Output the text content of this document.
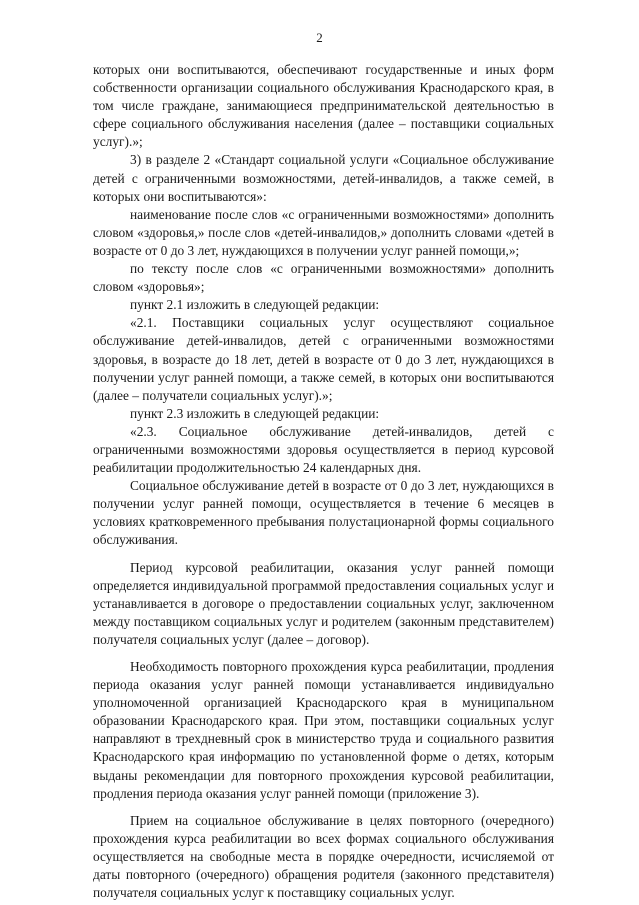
2

которых они воспитываются, обеспечивают государственные и иных форм собственности организации социального обслуживания Краснодарского края, в том числе граждане, занимающиеся предпринимательской деятельностью в сфере социального обслуживания населения (далее – поставщики социальных услуг).»;

3) в разделе 2 «Стандарт социальной услуги «Социальное обслуживание детей с ограниченными возможностями, детей-инвалидов, а также семей, в которых они воспитываются»:

наименование после слов «с ограниченными возможностями» дополнить словом «здоровья,» после слов «детей-инвалидов,» дополнить словами «детей в возрасте от 0 до 3 лет, нуждающихся в получении услуг ранней помощи,»;

по тексту после слов «с ограниченными возможностями» дополнить словом «здоровья»;

пункт 2.1 изложить в следующей редакции:

«2.1. Поставщики социальных услуг осуществляют социальное обслуживание детей-инвалидов, детей с ограниченными возможностями здоровья, в возрасте до 18 лет, детей в возрасте от 0 до 3 лет, нуждающихся в получении услуг ранней помощи, а также семей, в которых они воспитываются (далее – получатели социальных услуг).»;

пункт 2.3 изложить в следующей редакции:

«2.3. Социальное обслуживание детей-инвалидов, детей с ограниченными возможностями здоровья осуществляется в период курсовой реабилитации продолжительностью 24 календарных дня.

Социальное обслуживание детей в возрасте от 0 до 3 лет, нуждающихся в получении услуг ранней помощи, осуществляется в течение 6 месяцев в условиях кратковременного пребывания полустационарной формы социального обслуживания.

Период курсовой реабилитации, оказания услуг ранней помощи определяется индивидуальной программой предоставления социальных услуг и устанавливается в договоре о предоставлении социальных услуг, заключенном между поставщиком социальных услуг и родителем (законным представителем) получателя социальных услуг (далее – договор).

Необходимость повторного прохождения курса реабилитации, продления периода оказания услуг ранней помощи устанавливается индивидуально уполномоченной организацией Краснодарского края в муниципальном образовании Краснодарского края. При этом, поставщики социальных услуг направляют в трехдневный срок в министерство труда и социального развития Краснодарского края информацию по установленной форме о детях, которым выданы рекомендации для повторного прохождения курсовой реабилитации, продления периода оказания услуг ранней помощи (приложение 3).

Прием на социальное обслуживание в целях повторного (очередного) прохождения курса реабилитации во всех формах социального обслуживания осуществляется на свободные места в порядке очередности, исчисляемой от даты повторного (очередного) обращения родителя (законного представителя) получателя социальных услуг к поставщику социальных услуг.
